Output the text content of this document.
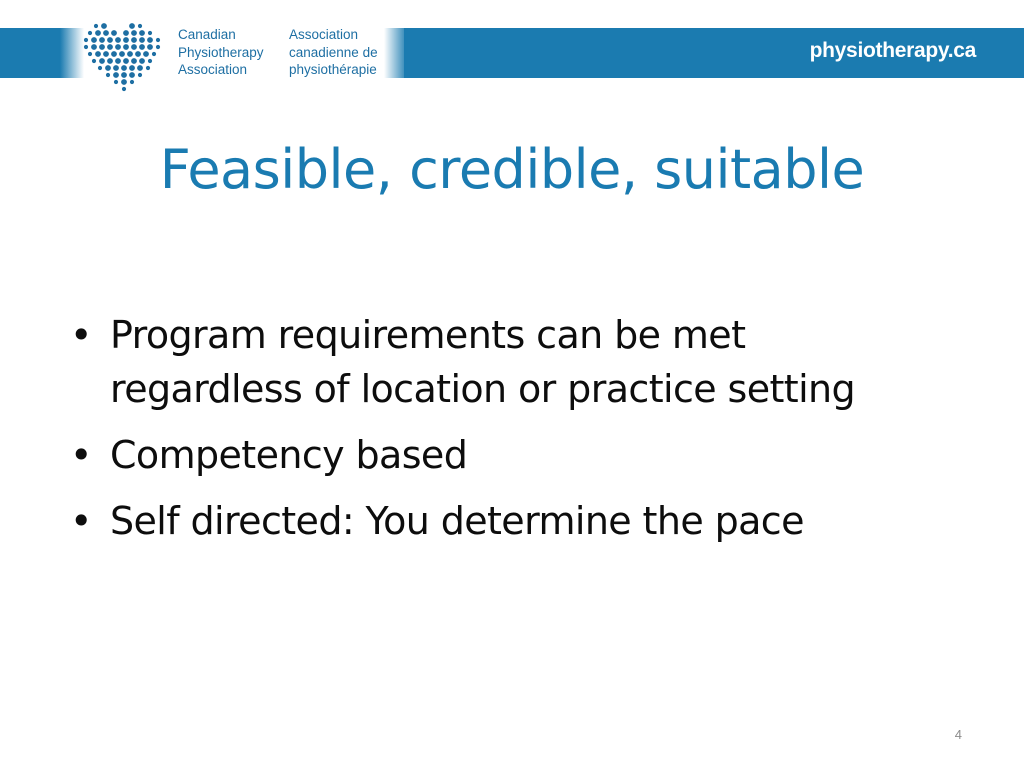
Canadian
Physiotherapy
Association
Association
canadienne de
physiothérapie
physiotherapy.ca
Feasible, credible, suitable
• Program requirements can be met
regardless of location or practice setting
• Competency based
• Self directed: You determine the pace
4
